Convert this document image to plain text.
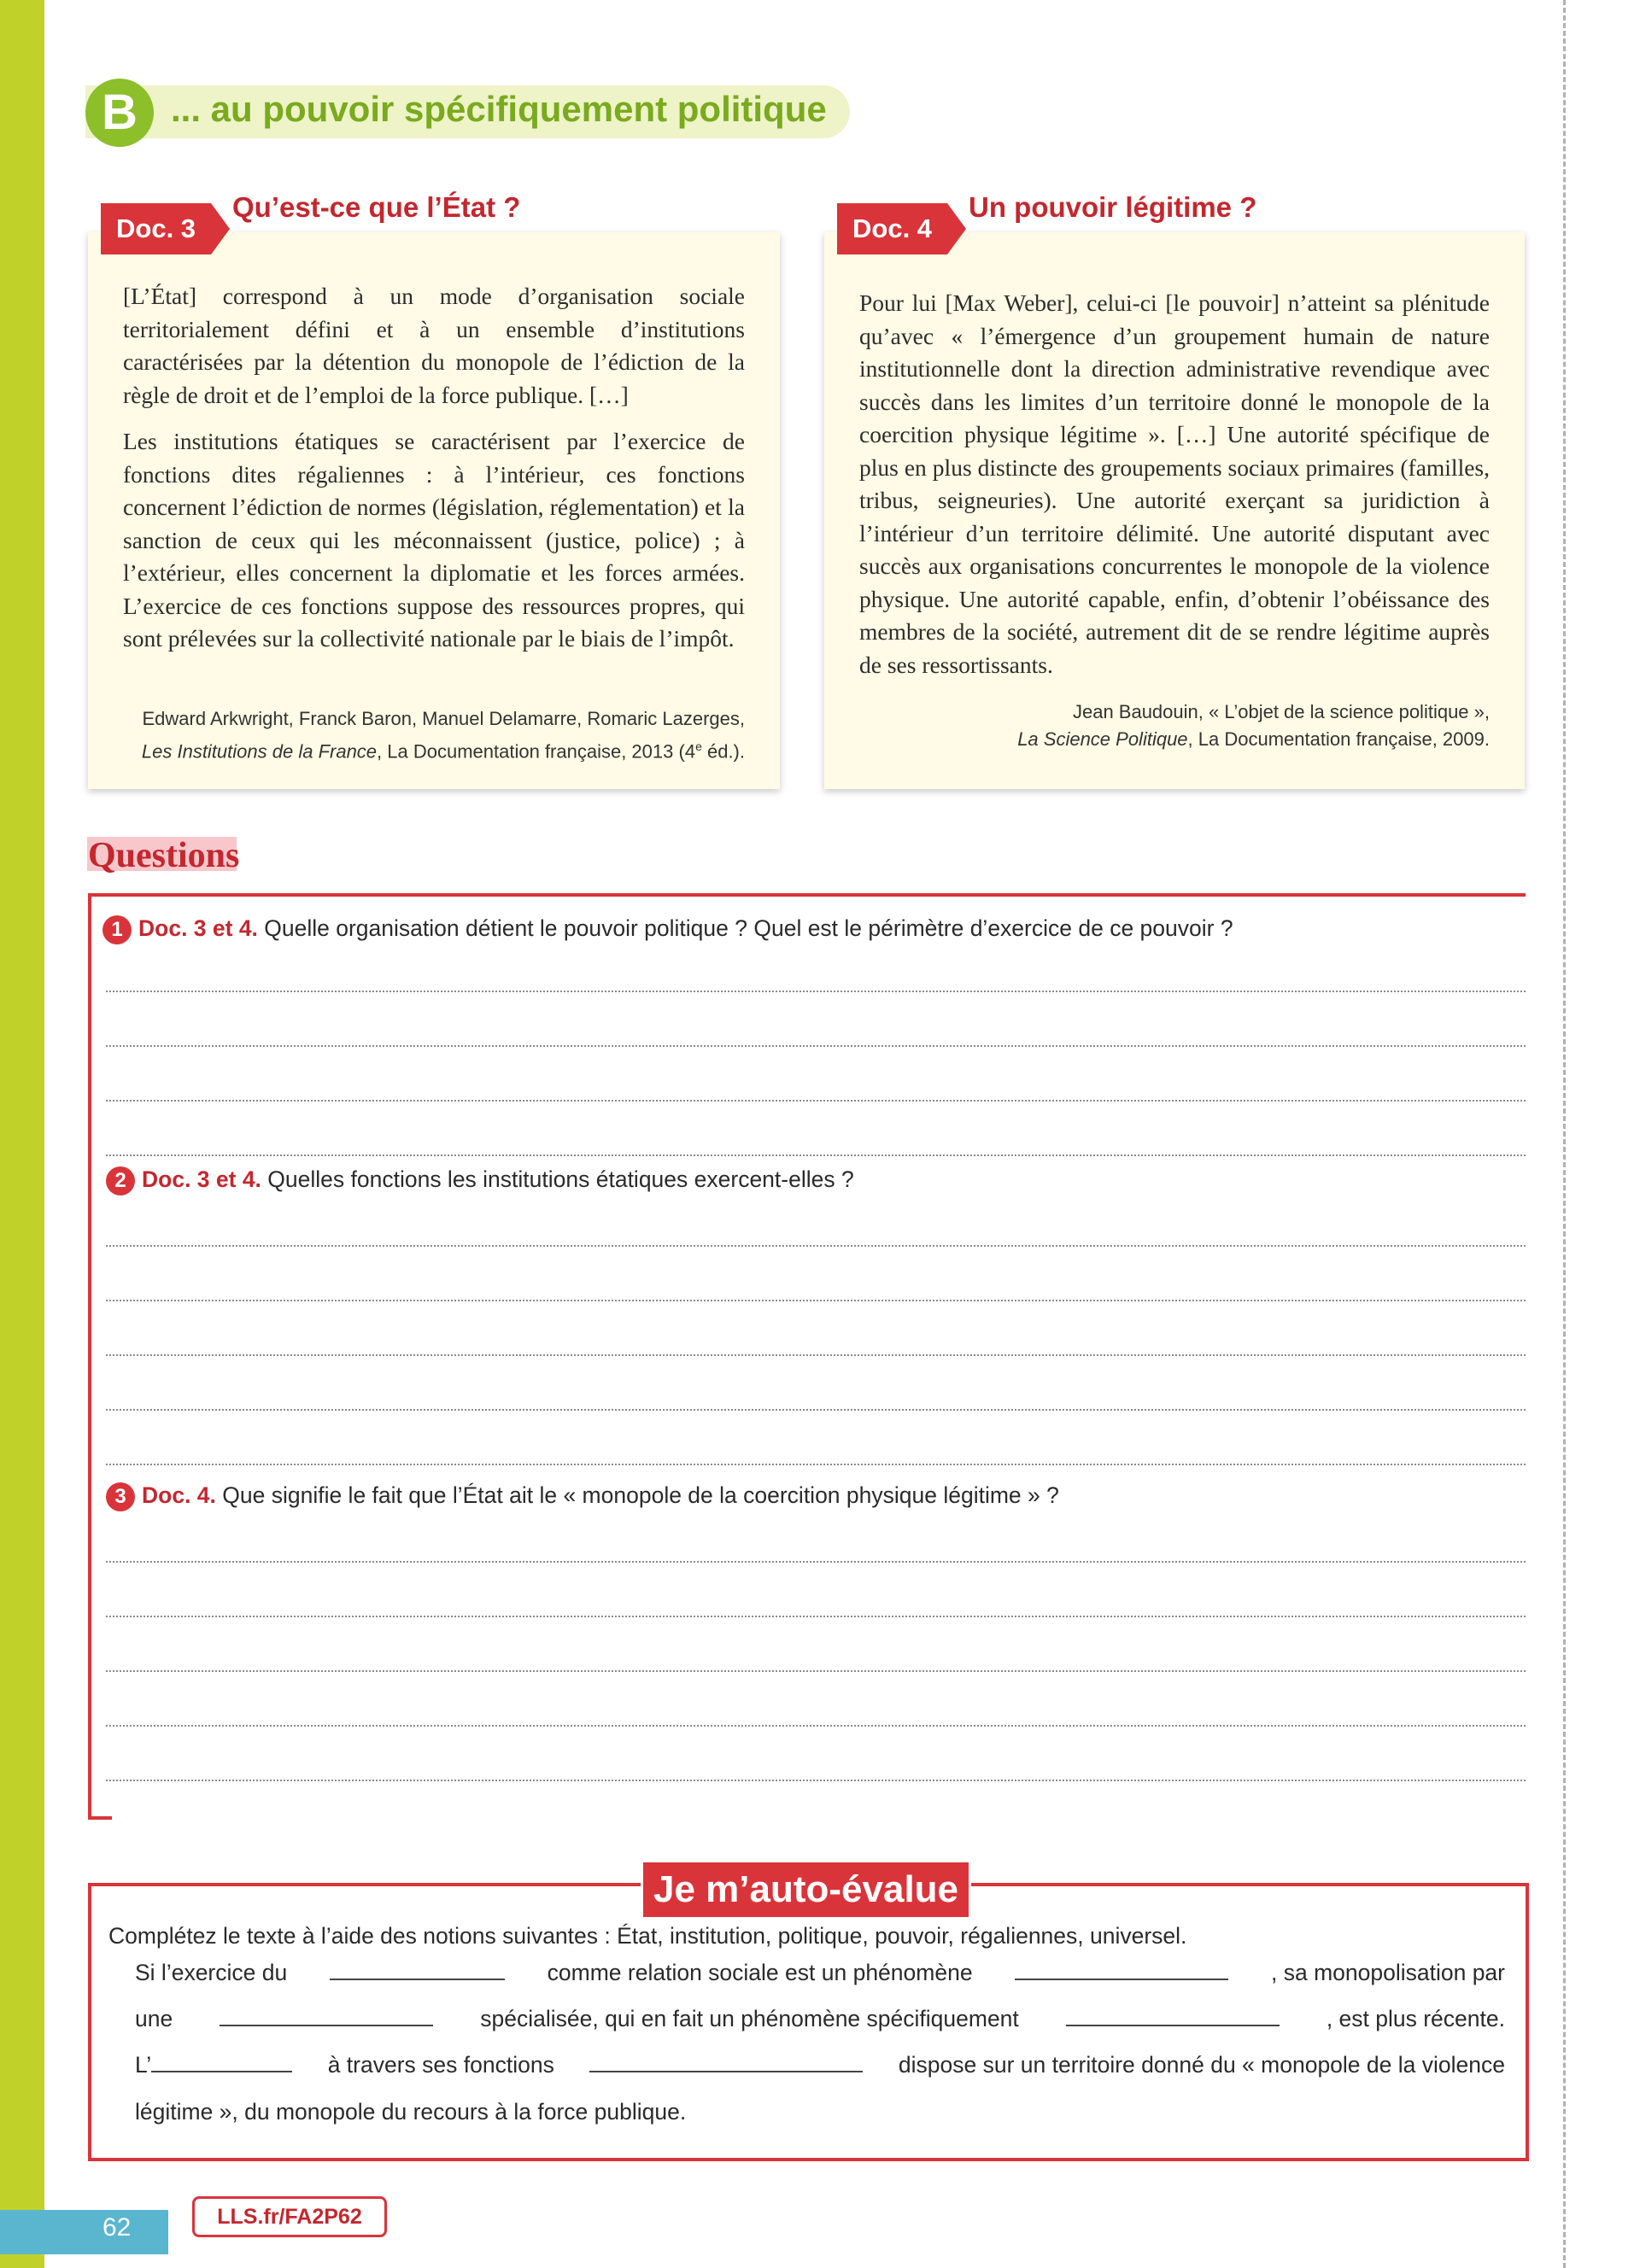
B ... au pouvoir spécifiquement politique
Doc. 3
Qu’est-ce que l’État ?

[L’État] correspond à un mode d’organisation sociale territorialement défini et à un ensemble d’institutions caractérisées par la détention du monopole de l’édiction de la règle de droit et de l’emploi de la force publique. […]

Les institutions étatiques se caractérisent par l’exercice de fonctions dites régaliennes : à l’intérieur, ces fonctions concernent l’édiction de normes (législation, réglementation) et la sanction de ceux qui les méconnaissent (justice, police) ; à l’extérieur, elles concernent la diplomatie et les forces armées. L’exercice de ces fonctions suppose des ressources propres, qui sont prélevées sur la collectivité nationale par le biais de l’impôt.

Edward Arkwright, Franck Baron, Manuel Delamarre, Romaric Lazerges,
Les Institutions de la France, La Documentation française, 2013 (4e éd.).
Doc. 4
Un pouvoir légitime ?

Pour lui [Max Weber], celui-ci [le pouvoir] n’atteint sa plénitude qu’avec « l’émergence d’un groupement humain de nature institutionnelle dont la direction administrative revendique avec succès dans les limites d’un territoire donné le monopole de la coercition physique légitime ». […] Une autorité spécifique de plus en plus distincte des groupements sociaux primaires (familles, tribus, seigneuries). Une autorité exerçant sa juridiction à l’intérieur d’un territoire délimité. Une autorité disputant avec succès aux organisations concurrentes le monopole de la violence physique. Une autorité capable, enfin, d’obtenir l’obéissance des membres de la société, autrement dit de se rendre légitime auprès de ses ressortissants.

Jean Baudouin, « L’objet de la science politique »,
La Science Politique, La Documentation française, 2009.
Questions
1 Doc. 3 et 4. Quelle organisation détient le pouvoir politique ? Quel est le périmètre d’exercice de ce pouvoir ?
2 Doc. 3 et 4. Quelles fonctions les institutions étatiques exercent-elles ?
3 Doc. 4. Que signifie le fait que l’État ait le « monopole de la coercition physique légitime » ?
Je m’auto-évalue
Complétez le texte à l’aide des notions suivantes : État, institution, politique, pouvoir, régaliennes, universel.
Si l’exercice du	comme relation sociale est un phénomène	, sa monopolisation par
une	spécialisée, qui en fait un phénomène spécifiquement	, est plus récente.
L’	à travers ses fonctions	dispose sur un territoire donné du « monopole de la violence
légitime », du monopole du recours à la force publique.
62	LLS.fr/FA2P62
